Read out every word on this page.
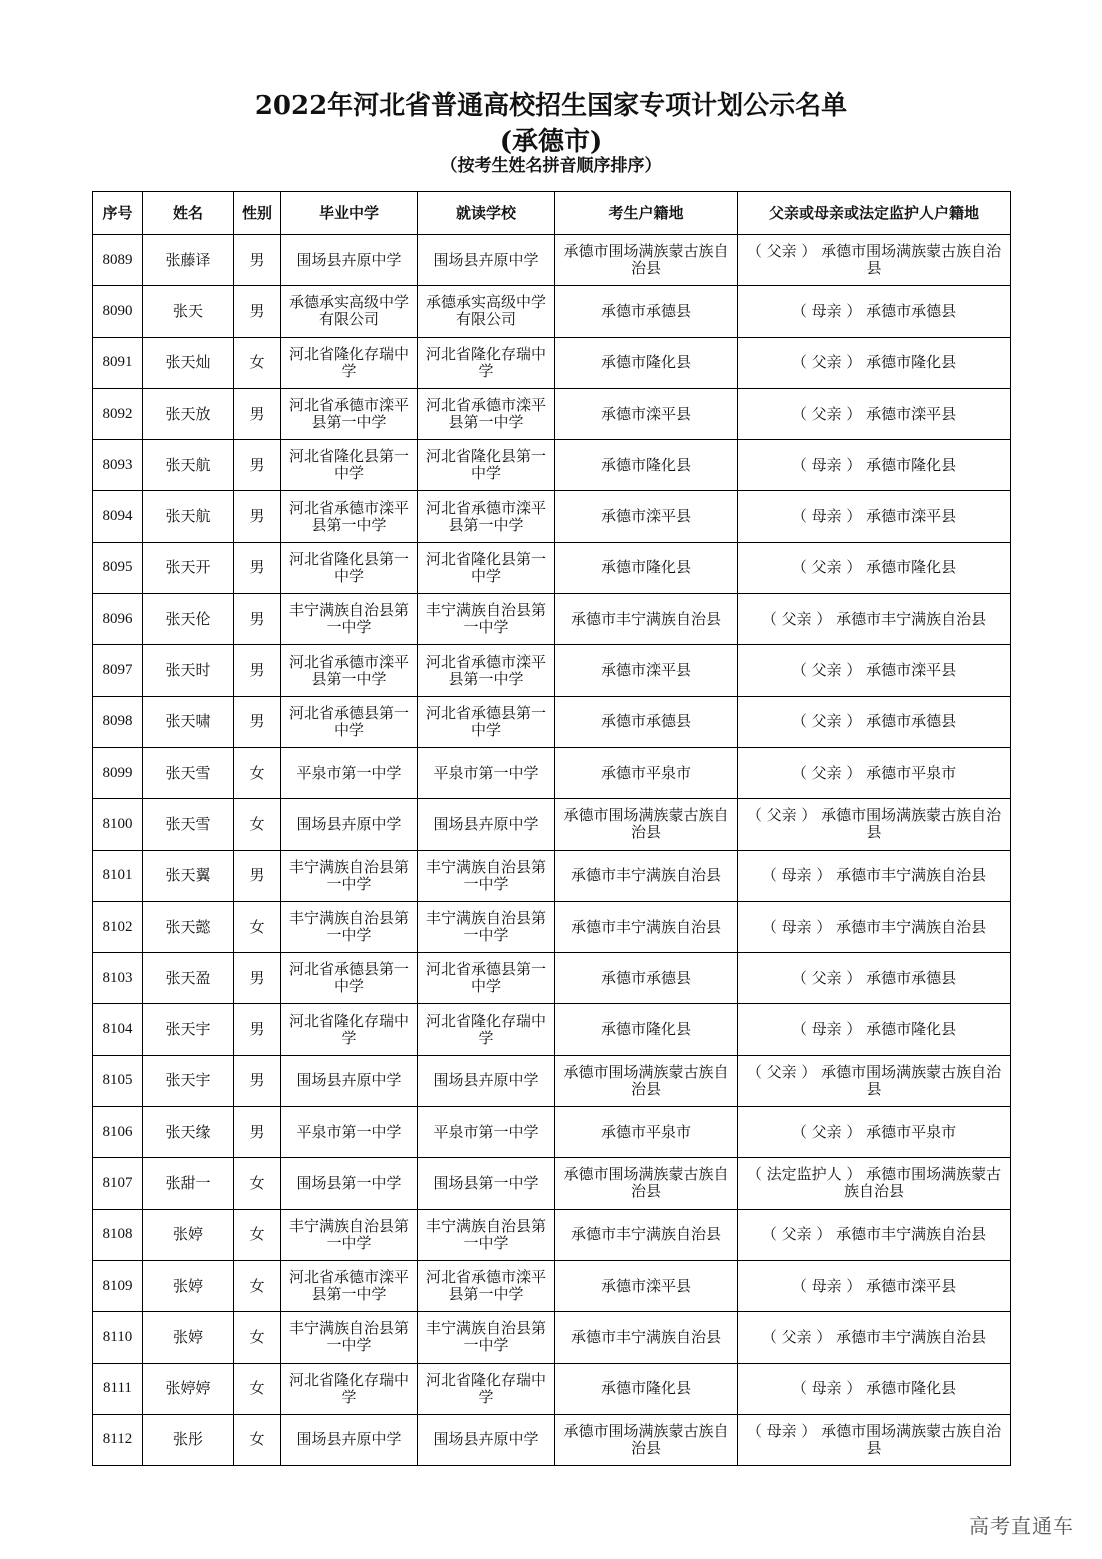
2022年河北省普通高校招生国家专项计划公示名单
(承德市)
（按考生姓名拼音顺序排序）
序号	姓名	性别	毕业中学	就读学校	考生户籍地	父亲或母亲或法定监护人户籍地
8089	张藤译	男	围场县卉原中学	围场县卉原中学	承德市围场满族蒙古族自治县	（ 父亲 ） 承德市围场满族蒙古族自治县
8090	张天	男	承德承实高级中学有限公司	承德承实高级中学有限公司	承德市承德县	（ 母亲 ） 承德市承德县
8091	张天灿	女	河北省隆化存瑞中学	河北省隆化存瑞中学	承德市隆化县	（ 父亲 ） 承德市隆化县
8092	张天放	男	河北省承德市滦平县第一中学	河北省承德市滦平县第一中学	承德市滦平县	（ 父亲 ） 承德市滦平县
8093	张天航	男	河北省隆化县第一中学	河北省隆化县第一中学	承德市隆化县	（ 母亲 ） 承德市隆化县
8094	张天航	男	河北省承德市滦平县第一中学	河北省承德市滦平县第一中学	承德市滦平县	（ 母亲 ） 承德市滦平县
8095	张天开	男	河北省隆化县第一中学	河北省隆化县第一中学	承德市隆化县	（ 父亲 ） 承德市隆化县
8096	张天伦	男	丰宁满族自治县第一中学	丰宁满族自治县第一中学	承德市丰宁满族自治县	（ 父亲 ） 承德市丰宁满族自治县
8097	张天时	男	河北省承德市滦平县第一中学	河北省承德市滦平县第一中学	承德市滦平县	（ 父亲 ） 承德市滦平县
8098	张天啸	男	河北省承德县第一中学	河北省承德县第一中学	承德市承德县	（ 父亲 ） 承德市承德县
8099	张天雪	女	平泉市第一中学	平泉市第一中学	承德市平泉市	（ 父亲 ） 承德市平泉市
8100	张天雪	女	围场县卉原中学	围场县卉原中学	承德市围场满族蒙古族自治县	（ 父亲 ） 承德市围场满族蒙古族自治县
8101	张天翼	男	丰宁满族自治县第一中学	丰宁满族自治县第一中学	承德市丰宁满族自治县	（ 母亲 ） 承德市丰宁满族自治县
8102	张天懿	女	丰宁满族自治县第一中学	丰宁满族自治县第一中学	承德市丰宁满族自治县	（ 母亲 ） 承德市丰宁满族自治县
8103	张天盈	男	河北省承德县第一中学	河北省承德县第一中学	承德市承德县	（ 父亲 ） 承德市承德县
8104	张天宇	男	河北省隆化存瑞中学	河北省隆化存瑞中学	承德市隆化县	（ 母亲 ） 承德市隆化县
8105	张天宇	男	围场县卉原中学	围场县卉原中学	承德市围场满族蒙古族自治县	（ 父亲 ） 承德市围场满族蒙古族自治县
8106	张天缘	男	平泉市第一中学	平泉市第一中学	承德市平泉市	（ 父亲 ） 承德市平泉市
8107	张甜一	女	围场县第一中学	围场县第一中学	承德市围场满族蒙古族自治县	（ 法定监护人 ） 承德市围场满族蒙古族自治县
8108	张婷	女	丰宁满族自治县第一中学	丰宁满族自治县第一中学	承德市丰宁满族自治县	（ 父亲 ） 承德市丰宁满族自治县
8109	张婷	女	河北省承德市滦平县第一中学	河北省承德市滦平县第一中学	承德市滦平县	（ 母亲 ） 承德市滦平县
8110	张婷	女	丰宁满族自治县第一中学	丰宁满族自治县第一中学	承德市丰宁满族自治县	（ 父亲 ） 承德市丰宁满族自治县
8111	张婷婷	女	河北省隆化存瑞中学	河北省隆化存瑞中学	承德市隆化县	（ 母亲 ） 承德市隆化县
8112	张彤	女	围场县卉原中学	围场县卉原中学	承德市围场满族蒙古族自治县	（ 母亲 ） 承德市围场满族蒙古族自治县
高考直通车
